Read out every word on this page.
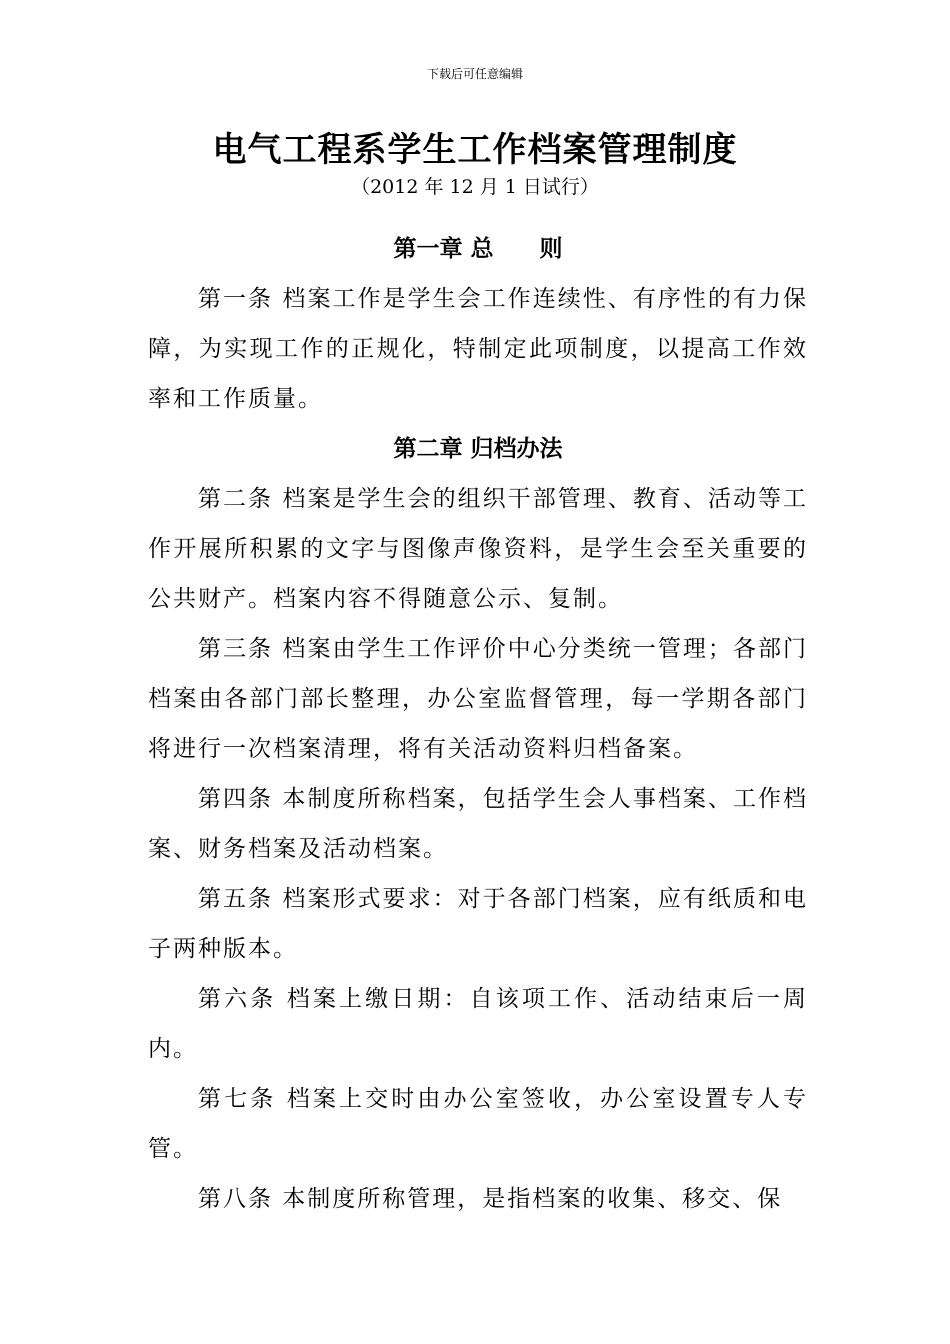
下载后可任意编辑
电气工程系学生工作档案管理制度
（2012 年 12 月 1 日试行）
第一章 总　　则

第一条 档案工作是学生会工作连续性、有序性的有力保障，为实现工作的正规化，特制定此项制度，以提高工作效率和工作质量。

第二章 归档办法

第二条 档案是学生会的组织干部管理、教育、活动等工作开展所积累的文字与图像声像资料，是学生会至关重要的公共财产。档案内容不得随意公示、复制。

第三条 档案由学生工作评价中心分类统一管理；各部门档案由各部门部长整理，办公室监督管理，每一学期各部门将进行一次档案清理，将有关活动资料归档备案。

第四条 本制度所称档案，包括学生会人事档案、工作档案、财务档案及活动档案。

第五条 档案形式要求：对于各部门档案，应有纸质和电子两种版本。

第六条 档案上缴日期：自该项工作、活动结束后一周内。

第七条 档案上交时由办公室签收，办公室设置专人专管。

第八条 本制度所称管理，是指档案的收集、移交、保
